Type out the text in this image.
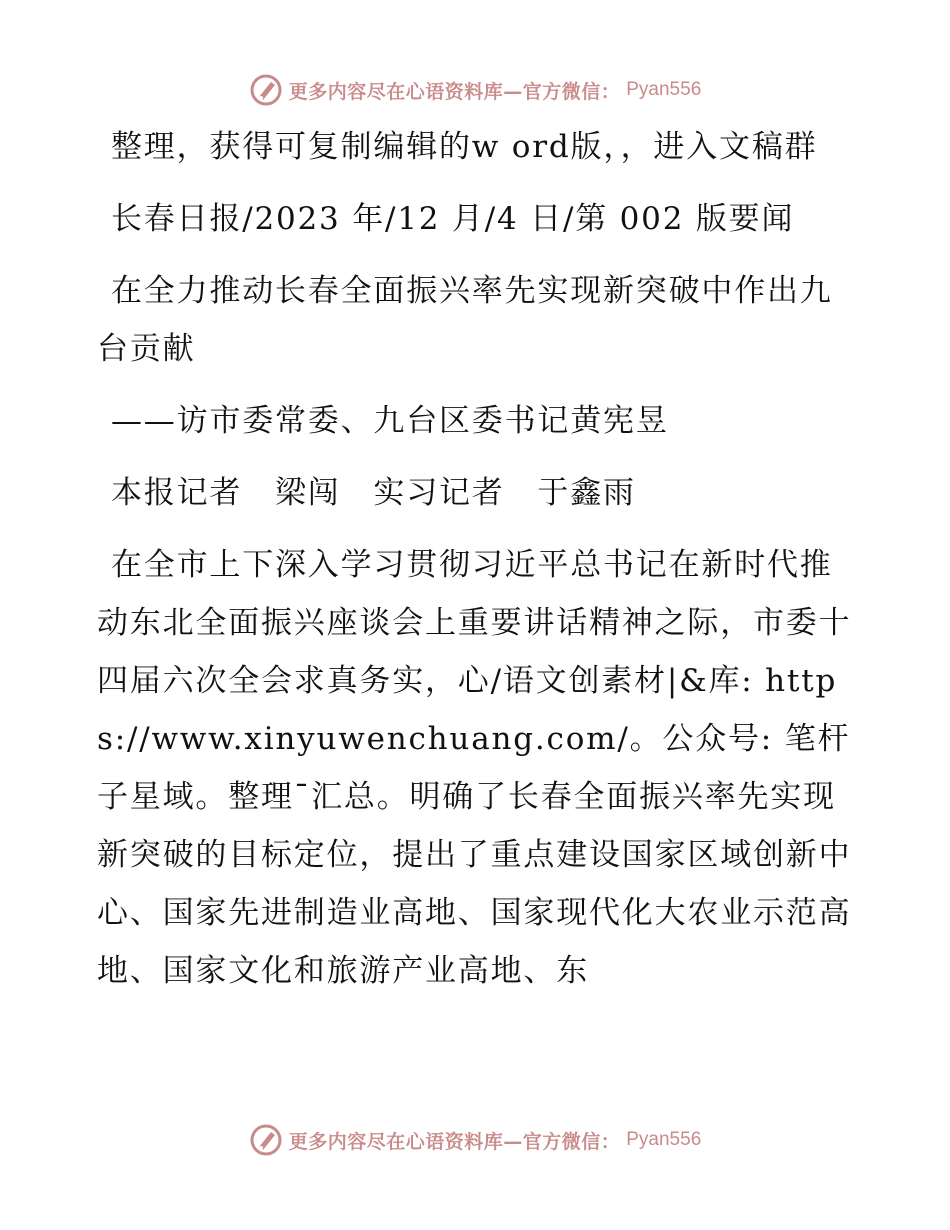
更多内容尽在心语资料库—官方微信： Pyan556

整理，获得可复制编辑的w ord版，，进入文稿群

长春日报/2023 年/12 月/4 日/第 002 版要闻

在全力推动长春全面振兴率先实现新突破中作出九台贡献

——访市委常委、九台区委书记黄宪昱

本报记者　梁闯　实习记者　于鑫雨

在全市上下深入学习贯彻习近平总书记在新时代推动东北全面振兴座谈会上重要讲话精神之际，市委十四届六次全会求真务实，心/语文创素材|&库: https://www.xinyuwenchuang.com/。公众号: 笔杆子星域。整理¯汇总。明确了长春全面振兴率先实现新突破的目标定位，提出了重点建设国家区域创新中心、国家先进制造业高地、国家现代化大农业示范高地、国家文化和旅游产业高地、东

更多内容尽在心语资料库—官方微信： Pyan556
